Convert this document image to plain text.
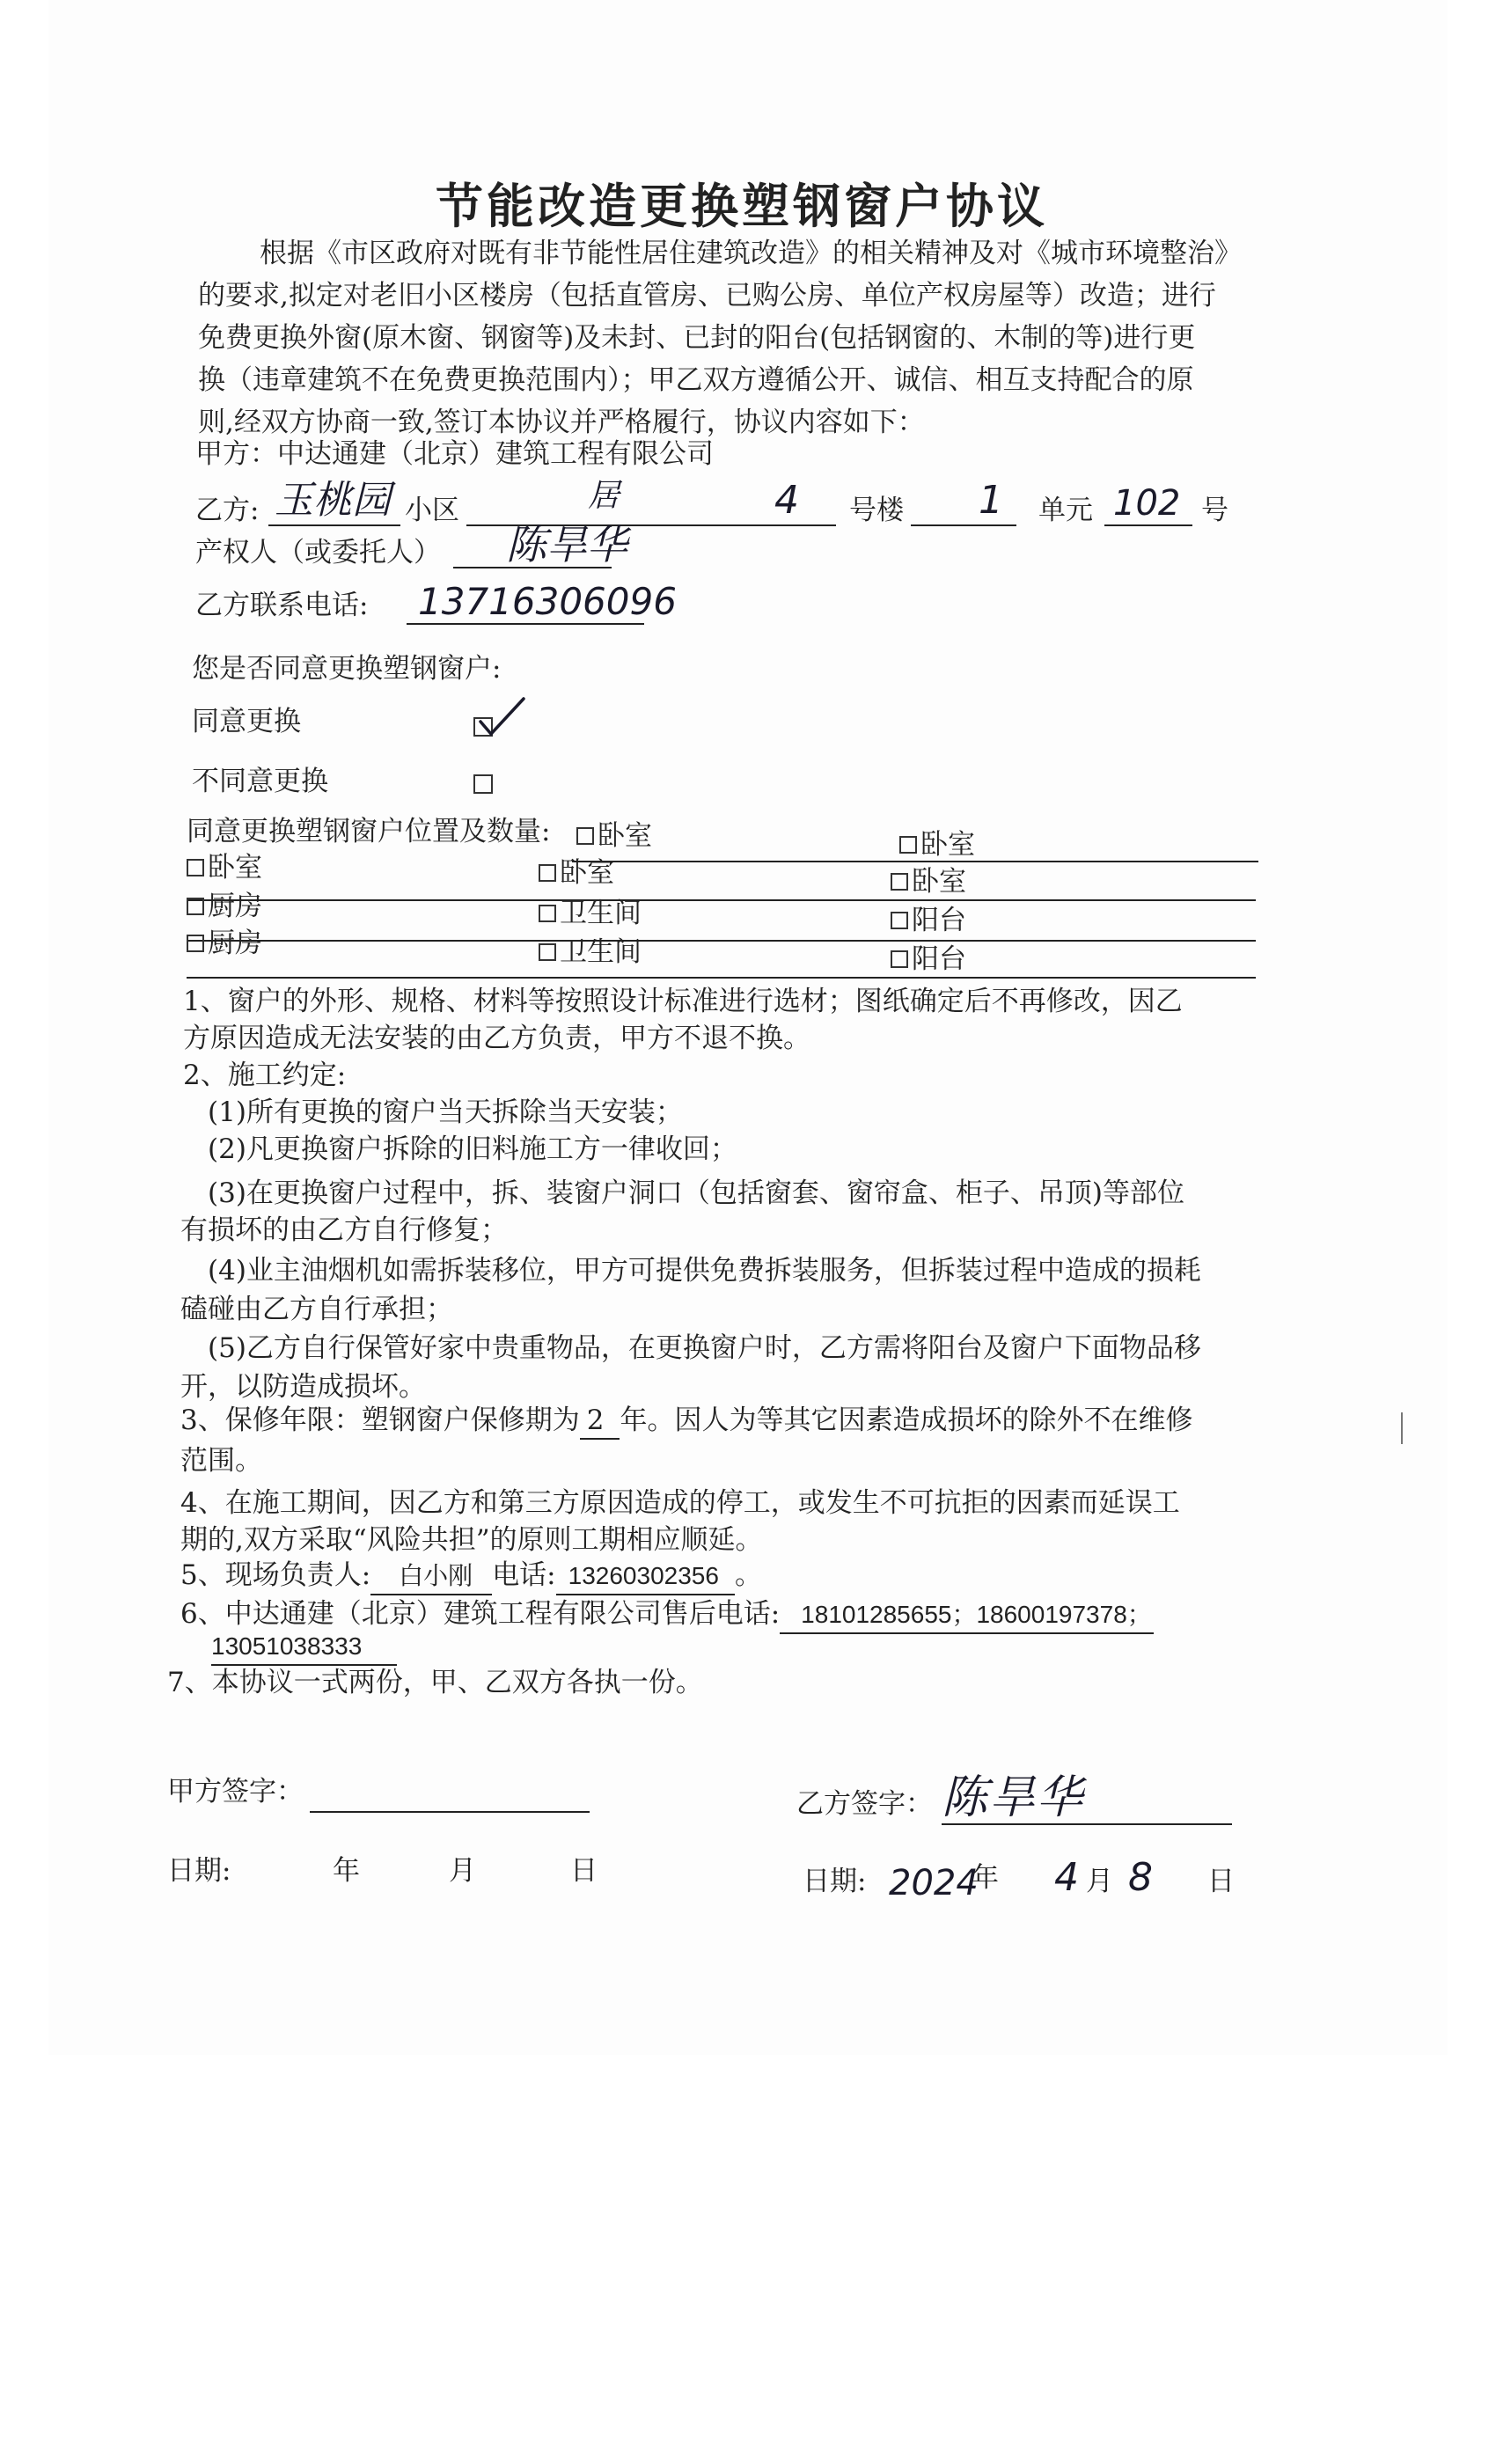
节能改造更换塑钢窗户协议
根据《市区政府对既有非节能性居住建筑改造》的相关精神及对《城市环境整治》
的要求,拟定对老旧小区楼房（包括直管房、已购公房、单位产权房屋等）改造；进行
免费更换外窗(原木窗、钢窗等)及未封、已封的阳台(包括钢窗的、木制的等)进行更
换（违章建筑不在免费更换范围内）；甲乙双方遵循公开、诚信、相互支持配合的原
则,经双方协商一致,签订本协议并严格履行，协议内容如下：
甲方：中达通建（北京）建筑工程有限公司
乙方: 玉桃园 小区	居	4 号楼 1 单元 102 号
产权人（或委托人） 陈旱华
乙方联系电话: 13716306096
您是否同意更换塑钢窗户:
同意更换
不同意更换
同意更换塑钢窗户位置及数量:	卧室	卧室
卧室	卧室	卧室
厨房	卫生间	阳台
厨房	卫生间	阳台
1、窗户的外形、规格、材料等按照设计标准进行选材；图纸确定后不再修改，因乙
方原因造成无法安装的由乙方负责，甲方不退不换。
2、施工约定:
(1)所有更换的窗户当天拆除当天安装；
(2)凡更换窗户拆除的旧料施工方一律收回；
(3)在更换窗户过程中，拆、装窗户洞口（包括窗套、窗帘盒、柜子、吊顶)等部位
有损坏的由乙方自行修复；
(4)业主油烟机如需拆装移位，甲方可提供免费拆装服务，但拆装过程中造成的损耗
磕碰由乙方自行承担；
(5)乙方自行保管好家中贵重物品，在更换窗户时，乙方需将阳台及窗户下面物品移
开，以防造成损坏。
3、保修年限：塑钢窗户保修期为 2 年。因人为等其它因素造成损坏的除外不在维修
范围。
4、在施工期间，因乙方和第三方原因造成的停工，或发生不可抗拒的因素而延误工
期的,双方采取“风险共担”的原则工期相应顺延。
5、现场负责人: 白小刚 电话: 13260302356 。
6、中达通建（北京）建筑工程有限公司售后电话: 18101285655；18600197378；
13051038333
7、本协议一式两份，甲、乙双方各执一份。
甲方签字：	乙方签字： 陈旱华
日期:	年	月	日	日期: 2024
年 4 月 8 日
